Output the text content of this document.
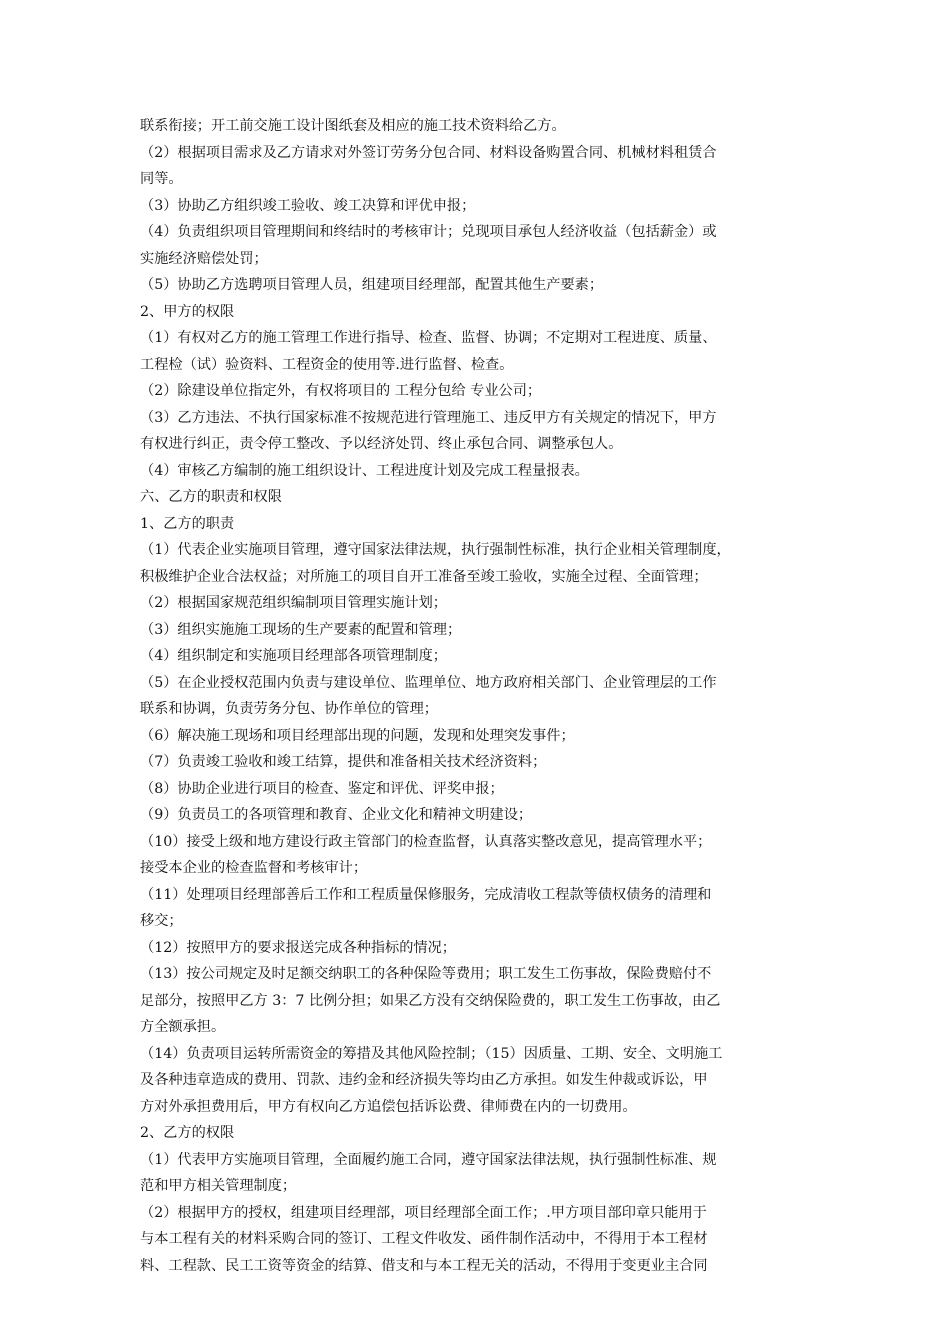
联系衔接；开工前交施工设计图纸套及相应的施工技术资料给乙方。
（2）根据项目需求及乙方请求对外签订劳务分包合同、材料设备购置合同、机械材料租赁合
同等。
（3）协助乙方组织竣工验收、竣工决算和评优申报；
（4）负责组织项目管理期间和终结时的考核审计；兑现项目承包人经济收益（包括薪金）或
实施经济赔偿处罚；
（5）协助乙方选聘项目管理人员，组建项目经理部，配置其他生产要素；
2、甲方的权限
（1）有权对乙方的施工管理工作进行指导、检查、监督、协调；不定期对工程进度、质量、
工程检（试）验资料、工程资金的使用等.进行监督、检查。
（2）除建设单位指定外，有权将项目的 工程分包给 专业公司；
（3）乙方违法、不执行国家标准不按规范进行管理施工、违反甲方有关规定的情况下，甲方
有权进行纠正，责令停工整改、予以经济处罚、终止承包合同、调整承包人。
（4）审核乙方编制的施工组织设计、工程进度计划及完成工程量报表。
六、乙方的职责和权限
1、乙方的职责
（1）代表企业实施项目管理，遵守国家法律法规，执行强制性标准，执行企业相关管理制度，
积极维护企业合法权益；对所施工的项目自开工准备至竣工验收，实施全过程、全面管理；
（2）根据国家规范组织编制项目管理实施计划；
（3）组织实施施工现场的生产要素的配置和管理；
（4）组织制定和实施项目经理部各项管理制度；
（5）在企业授权范围内负责与建设单位、监理单位、地方政府相关部门、企业管理层的工作
联系和协调，负责劳务分包、协作单位的管理；
（6）解决施工现场和项目经理部出现的问题，发现和处理突发事件；
（7）负责竣工验收和竣工结算，提供和准备相关技术经济资料；
（8）协助企业进行项目的检查、鉴定和评优、评奖申报；
（9）负责员工的各项管理和教育、企业文化和精神文明建设；
（10）接受上级和地方建设行政主管部门的检查监督，认真落实整改意见，提高管理水平；
接受本企业的检查监督和考核审计；
（11）处理项目经理部善后工作和工程质量保修服务，完成清收工程款等债权债务的清理和
移交；
（12）按照甲方的要求报送完成各种指标的情况；
（13）按公司规定及时足额交纳职工的各种保险等费用；职工发生工伤事故，保险费赔付不
足部分，按照甲乙方 3：7 比例分担；如果乙方没有交纳保险费的，职工发生工伤事故，由乙
方全额承担。
（14）负责项目运转所需资金的筹措及其他风险控制；（15）因质量、工期、安全、文明施工
及各种违章造成的费用、罚款、违约金和经济损失等均由乙方承担。如发生仲裁或诉讼，甲
方对外承担费用后，甲方有权向乙方追偿包括诉讼费、律师费在内的一切费用。
2、乙方的权限
（1）代表甲方实施项目管理，全面履约施工合同，遵守国家法律法规，执行强制性标准、规
范和甲方相关管理制度；
（2）根据甲方的授权，组建项目经理部，项目经理部全面工作；.甲方项目部印章只能用于
与本工程有关的材料采购合同的签订、工程文件收发、函件制作活动中，不得用于本工程材
料、工程款、民工工资等资金的结算、借支和与本工程无关的活动，不得用于变更业主合同
